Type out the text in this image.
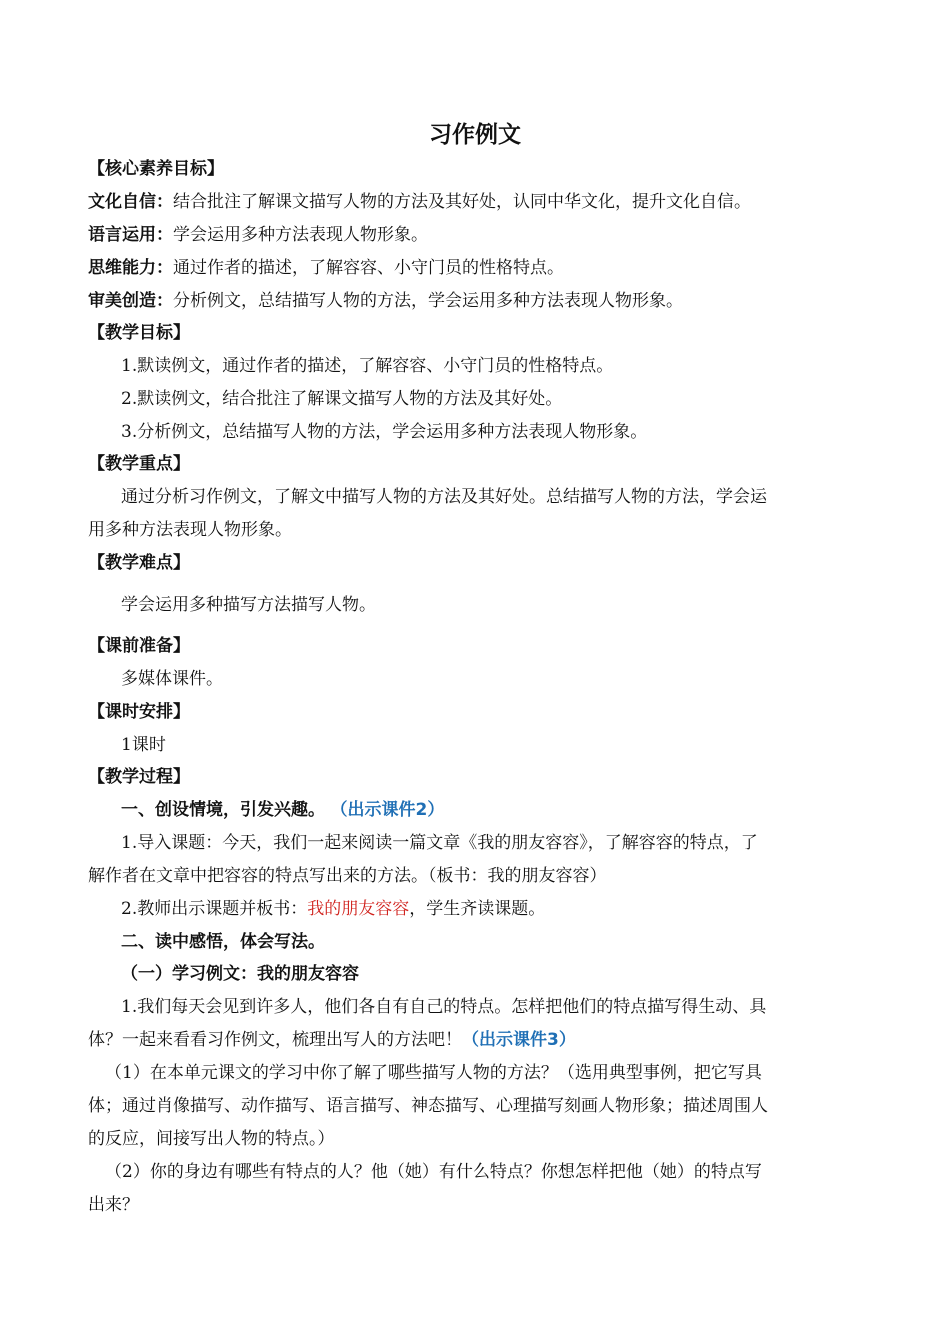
习作例文
【核心素养目标】
文化自信：结合批注了解课文描写人物的方法及其好处，认同中华文化，提升文化自信。
语言运用：学会运用多种方法表现人物形象。
思维能力：通过作者的描述，了解容容、小守门员的性格特点。
审美创造：分析例文，总结描写人物的方法，学会运用多种方法表现人物形象。
【教学目标】
1.默读例文，通过作者的描述，了解容容、小守门员的性格特点。
2.默读例文，结合批注了解课文描写人物的方法及其好处。
3.分析例文，总结描写人物的方法，学会运用多种方法表现人物形象。
【教学重点】
通过分析习作例文，了解文中描写人物的方法及其好处。总结描写人物的方法，学会运
用多种方法表现人物形象。
【教学难点】
学会运用多种描写方法描写人物。
【课前准备】
多媒体课件。
【课时安排】
1课时
【教学过程】
一、创设情境，引发兴趣。 （出示课件2）
1.导入课题：今天，我们一起来阅读一篇文章《我的朋友容容》，了解容容的特点，了
解作者在文章中把容容的特点写出来的方法。（板书：我的朋友容容）
2.教师出示课题并板书：我的朋友容容，学生齐读课题。
二、读中感悟，体会写法。
（一）学习例文：我的朋友容容
1.我们每天会见到许多人，他们各自有自己的特点。怎样把他们的特点描写得生动、具
体？一起来看看习作例文，梳理出写人的方法吧！（出示课件3）
（1）在本单元课文的学习中你了解了哪些描写人物的方法？（选用典型事例，把它写具
体；通过肖像描写、动作描写、语言描写、神态描写、心理描写刻画人物形象；描述周围人
的反应，间接写出人物的特点。）
（2）你的身边有哪些有特点的人？他（她）有什么特点？你想怎样把他（她）的特点写
出来？
